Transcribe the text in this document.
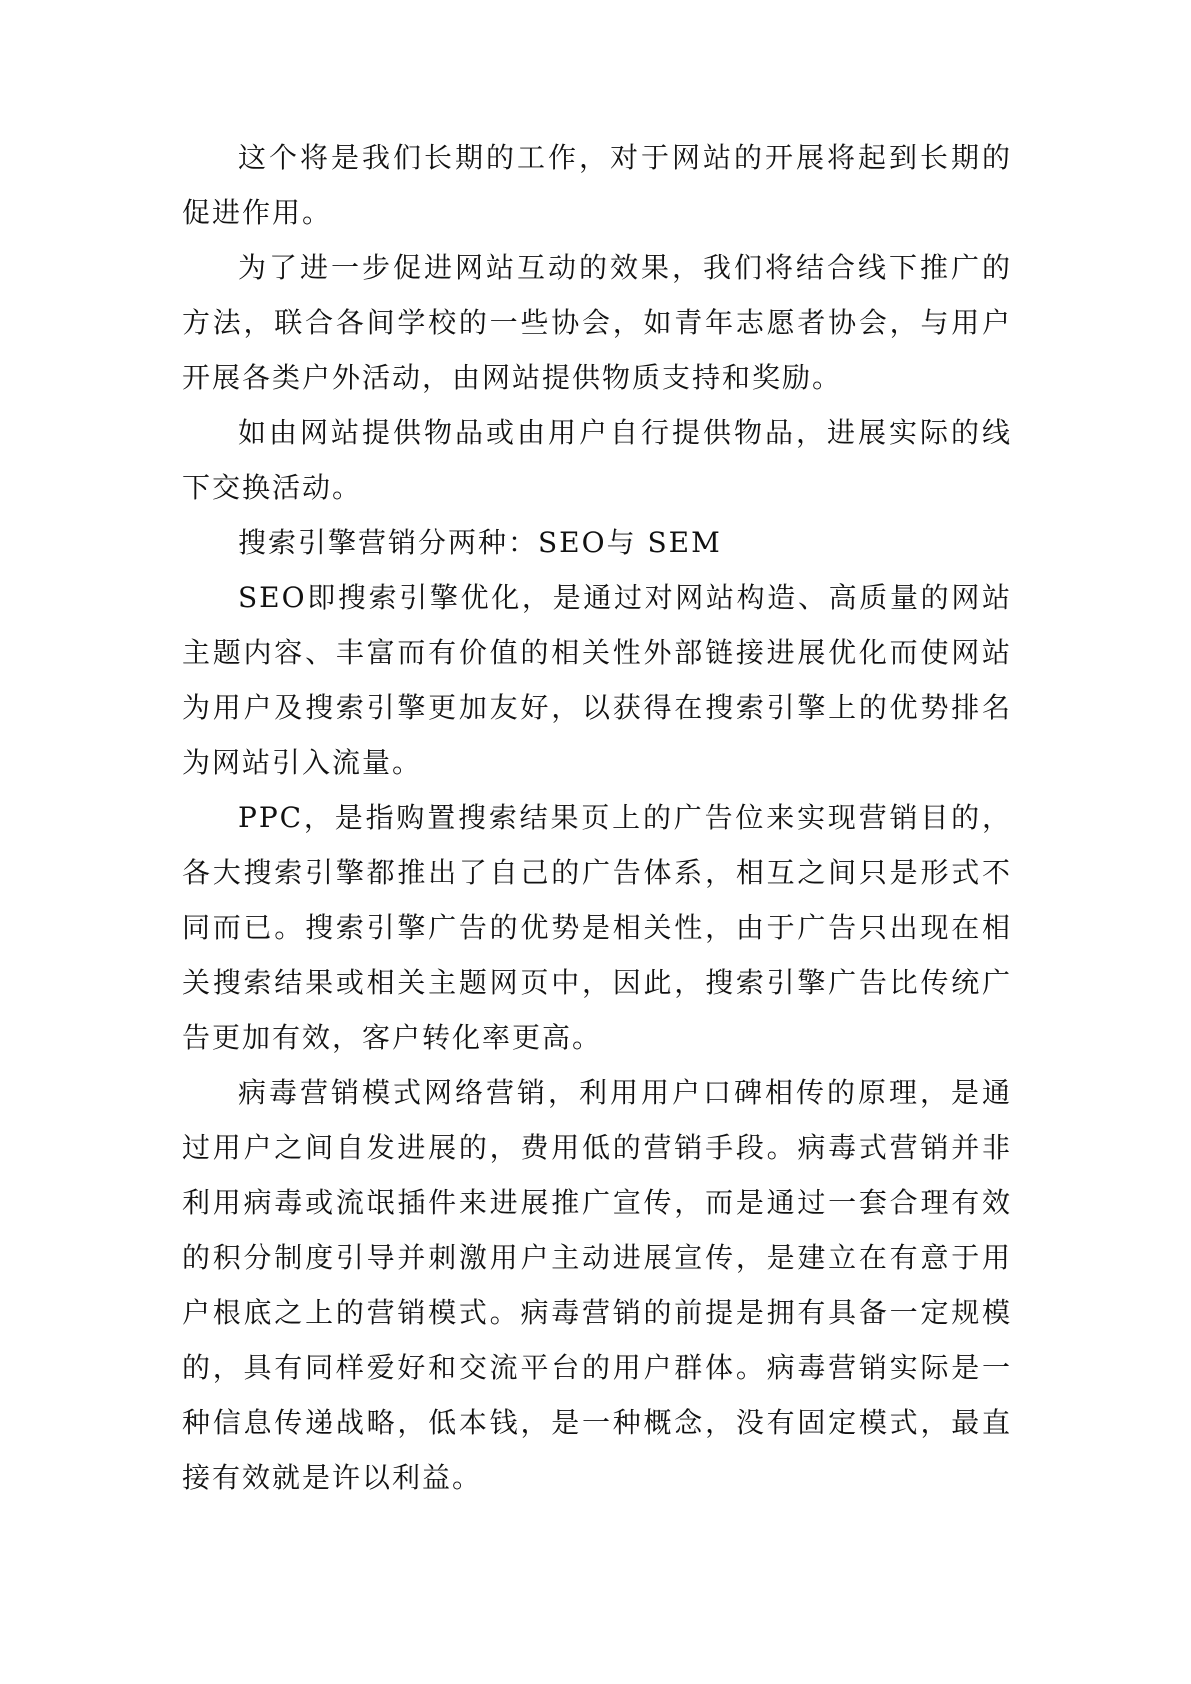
这个将是我们长期的工作，对于网站的开展将起到长期的促进作用。

为了进一步促进网站互动的效果，我们将结合线下推广的方法，联合各间学校的一些协会，如青年志愿者协会，与用户开展各类户外活动，由网站提供物质支持和奖励。

如由网站提供物品或由用户自行提供物品，进展实际的线下交换活动。

搜索引擎营销分两种：SEO与 SEM

SEO即搜索引擎优化，是通过对网站构造、高质量的网站主题内容、丰富而有价值的相关性外部链接进展优化而使网站为用户及搜索引擎更加友好，以获得在搜索引擎上的优势排名为网站引入流量。

PPC，是指购置搜索结果页上的广告位来实现营销目的，各大搜索引擎都推出了自己的广告体系，相互之间只是形式不同而已。搜索引擎广告的优势是相关性，由于广告只出现在相关搜索结果或相关主题网页中，因此，搜索引擎广告比传统广告更加有效，客户转化率更高。

病毒营销模式网络营销，利用用户口碑相传的原理，是通过用户之间自发进展的，费用低的营销手段。病毒式营销并非利用病毒或流氓插件来进展推广宣传，而是通过一套合理有效的积分制度引导并刺激用户主动进展宣传，是建立在有意于用户根底之上的营销模式。病毒营销的前提是拥有具备一定规模的，具有同样爱好和交流平台的用户群体。病毒营销实际是一种信息传递战略，低本钱，是一种概念，没有固定模式，最直接有效就是许以利益。
